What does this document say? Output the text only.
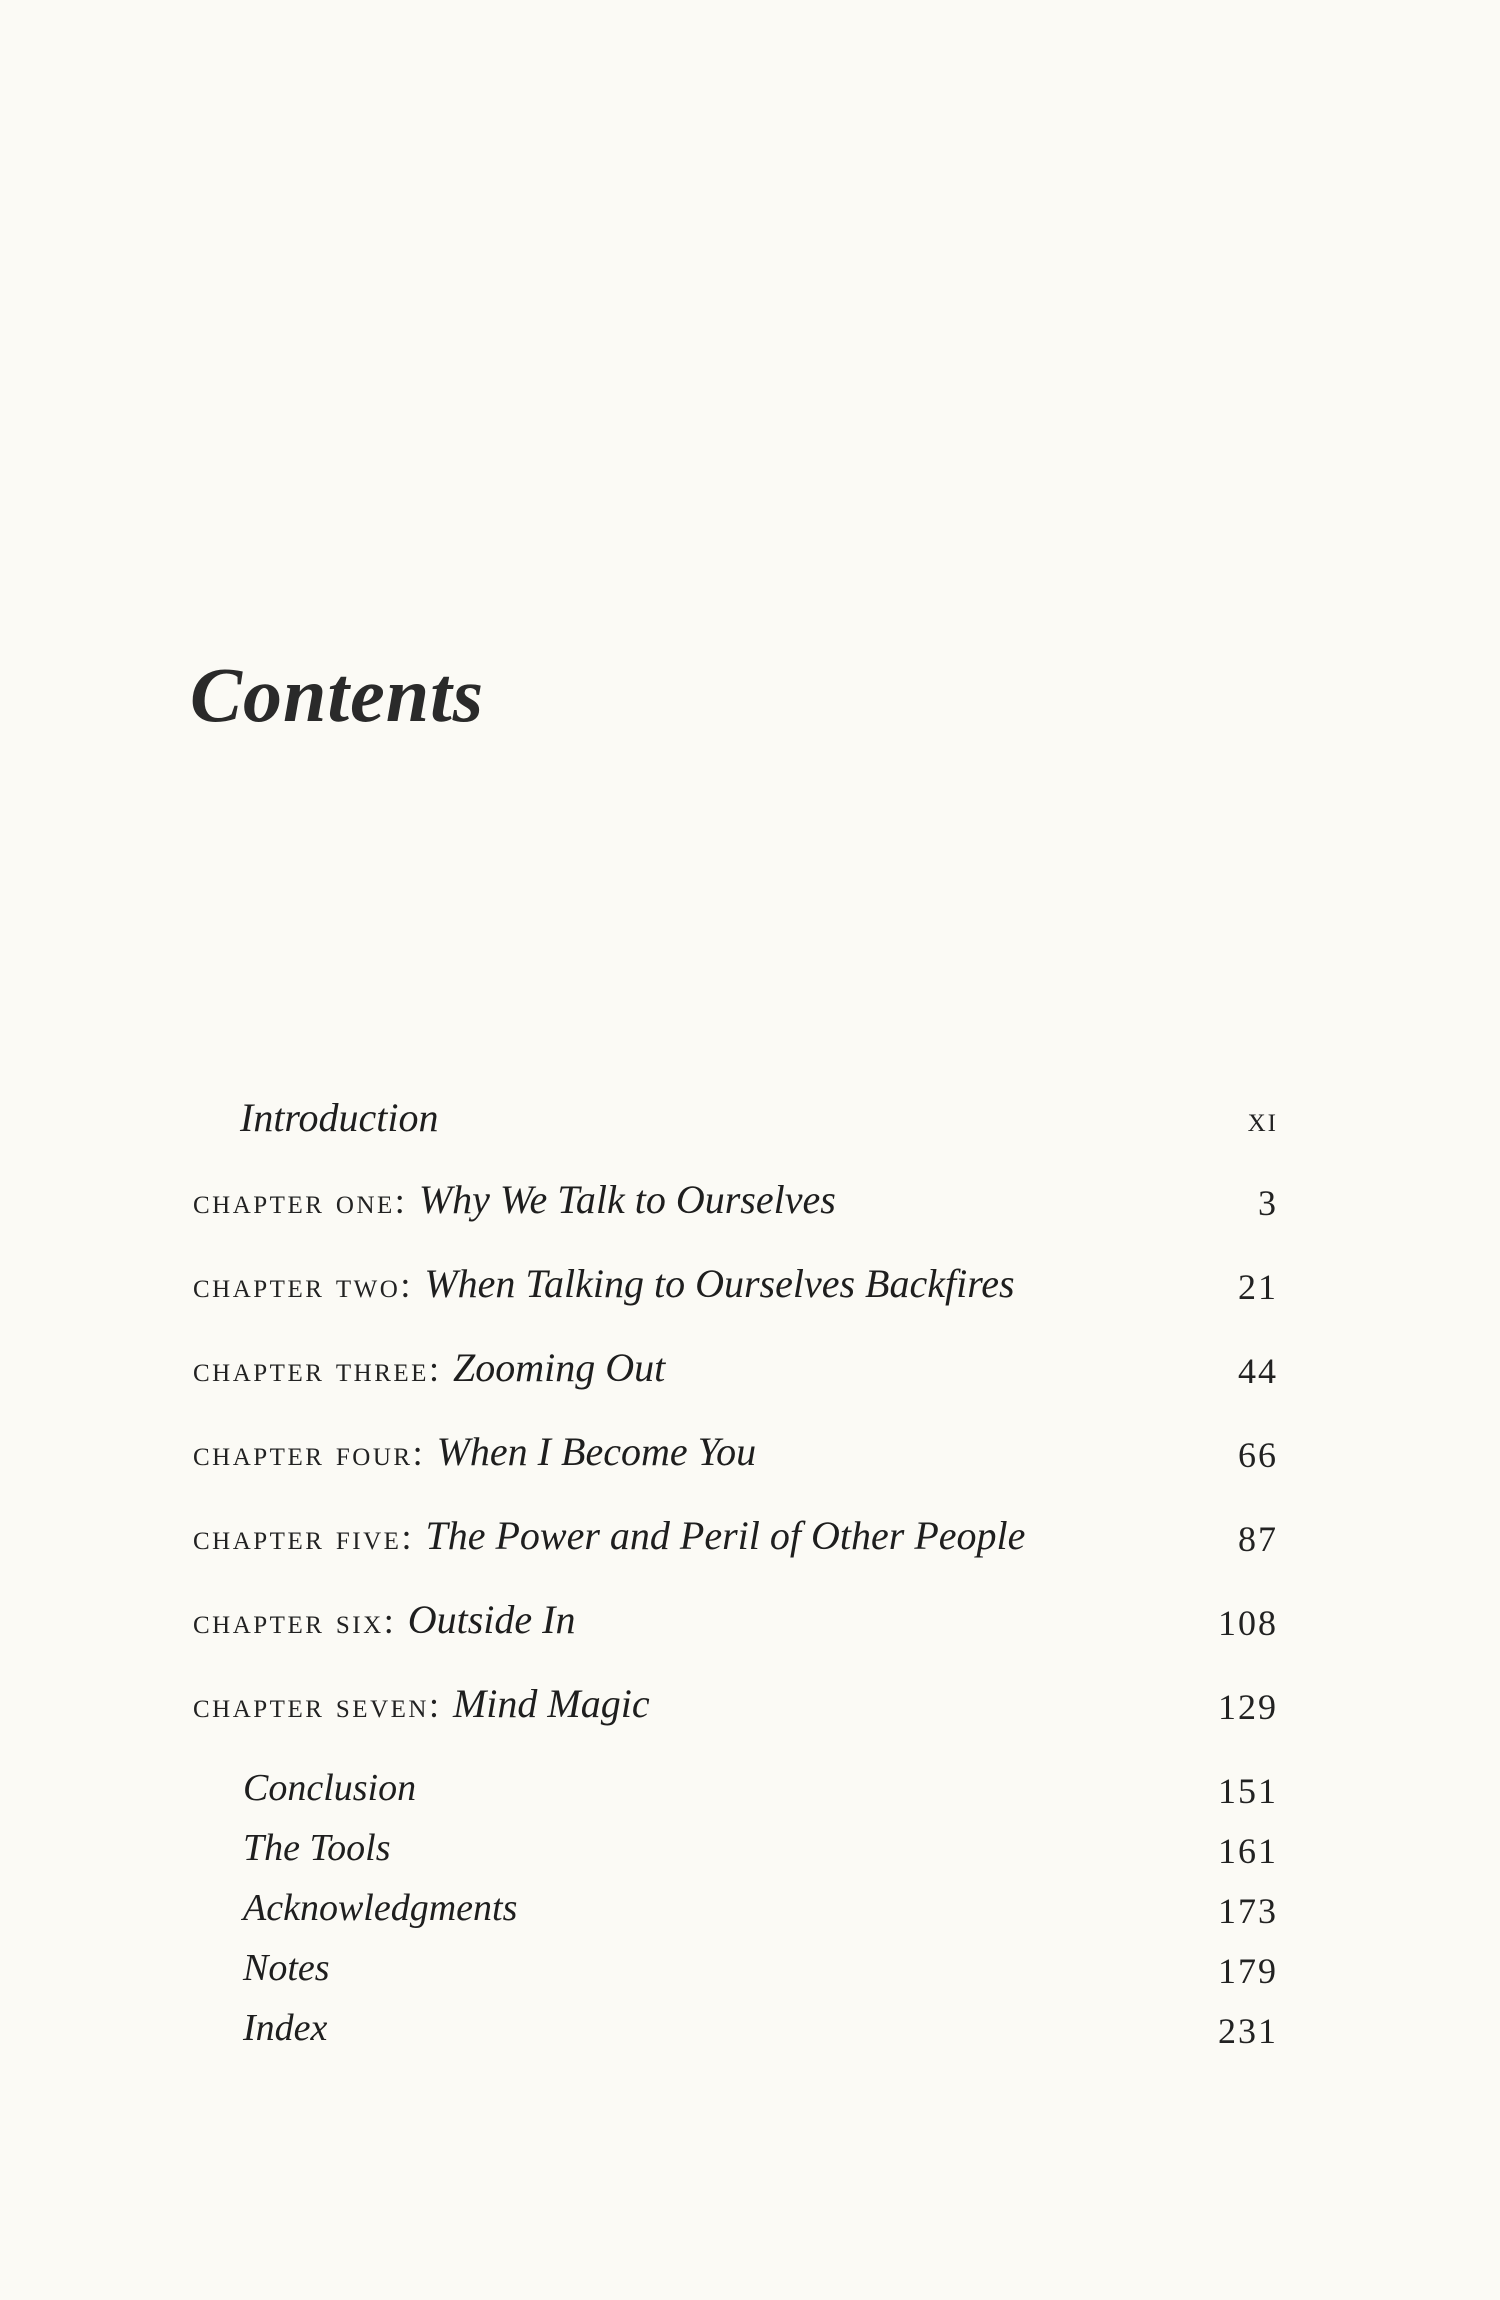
Contents
Introduction	xi
chapter one : Why We Talk to Ourselves	3
chapter two : When Talking to Ourselves Backfires	21
chapter three : Zooming Out	44
chapter four : When I Become You	66
chapter five : The Power and Peril of Other People	87
chapter six : Outside In	108
chapter seven : Mind Magic	129
Conclusion	151
The Tools	161
Acknowledgments	173
Notes	179
Index	231
